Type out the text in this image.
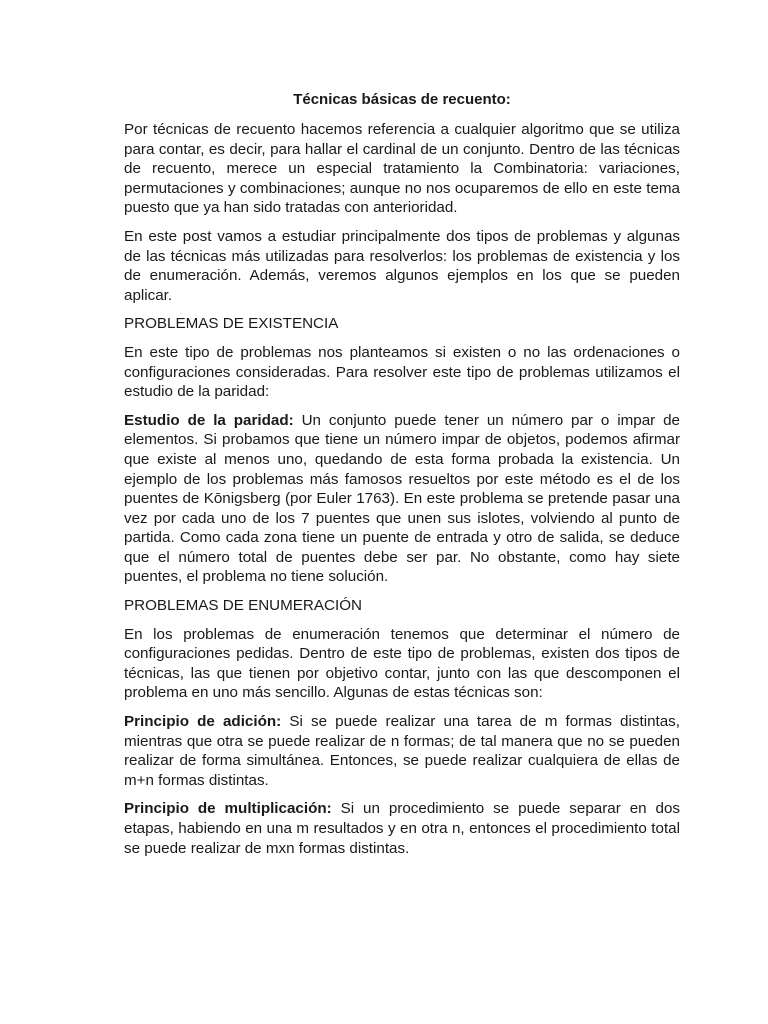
Técnicas básicas de recuento:

Por técnicas de recuento hacemos referencia a cualquier algoritmo que se utiliza para contar, es decir, para hallar el cardinal de un conjunto. Dentro de las técnicas de recuento, merece un especial tratamiento la Combinatoria: variaciones, permutaciones y combinaciones; aunque no nos ocuparemos de ello en este tema puesto que ya han sido tratadas con anterioridad.

En este post vamos a estudiar principalmente dos tipos de problemas y algunas de las técnicas más utilizadas para resolverlos: los problemas de existencia y los de enumeración. Además, veremos algunos ejemplos en los que se pueden aplicar.

PROBLEMAS DE EXISTENCIA

En este tipo de problemas nos planteamos si existen o no las ordenaciones o configuraciones consideradas. Para resolver este tipo de problemas utilizamos el estudio de la paridad:

Estudio de la paridad: Un conjunto puede tener un número par o impar de elementos. Si probamos que tiene un número impar de objetos, podemos afirmar que existe al menos uno, quedando de esta forma probada la existencia. Un ejemplo de los problemas más famosos resueltos por este método es el de los puentes de Kōnigsberg (por Euler 1763). En este problema se pretende pasar una vez por cada uno de los 7 puentes que unen sus islotes, volviendo al punto de partida. Como cada zona tiene un puente de entrada y otro de salida, se deduce que el número total de puentes debe ser par. No obstante, como hay siete puentes, el problema no tiene solución.

PROBLEMAS DE ENUMERACIÓN

En los problemas de enumeración tenemos que determinar el número de configuraciones pedidas. Dentro de este tipo de problemas, existen dos tipos de técnicas, las que tienen por objetivo contar, junto con las que descomponen el problema en uno más sencillo. Algunas de estas técnicas son:

Principio de adición: Si se puede realizar una tarea de m formas distintas, mientras que otra se puede realizar de n formas; de tal manera que no se pueden realizar de forma simultánea. Entonces, se puede realizar cualquiera de ellas de m+n formas distintas.

Principio de multiplicación: Si un procedimiento se puede separar en dos etapas, habiendo en una m resultados y en otra n, entonces el procedimiento total se puede realizar de mxn formas distintas.
